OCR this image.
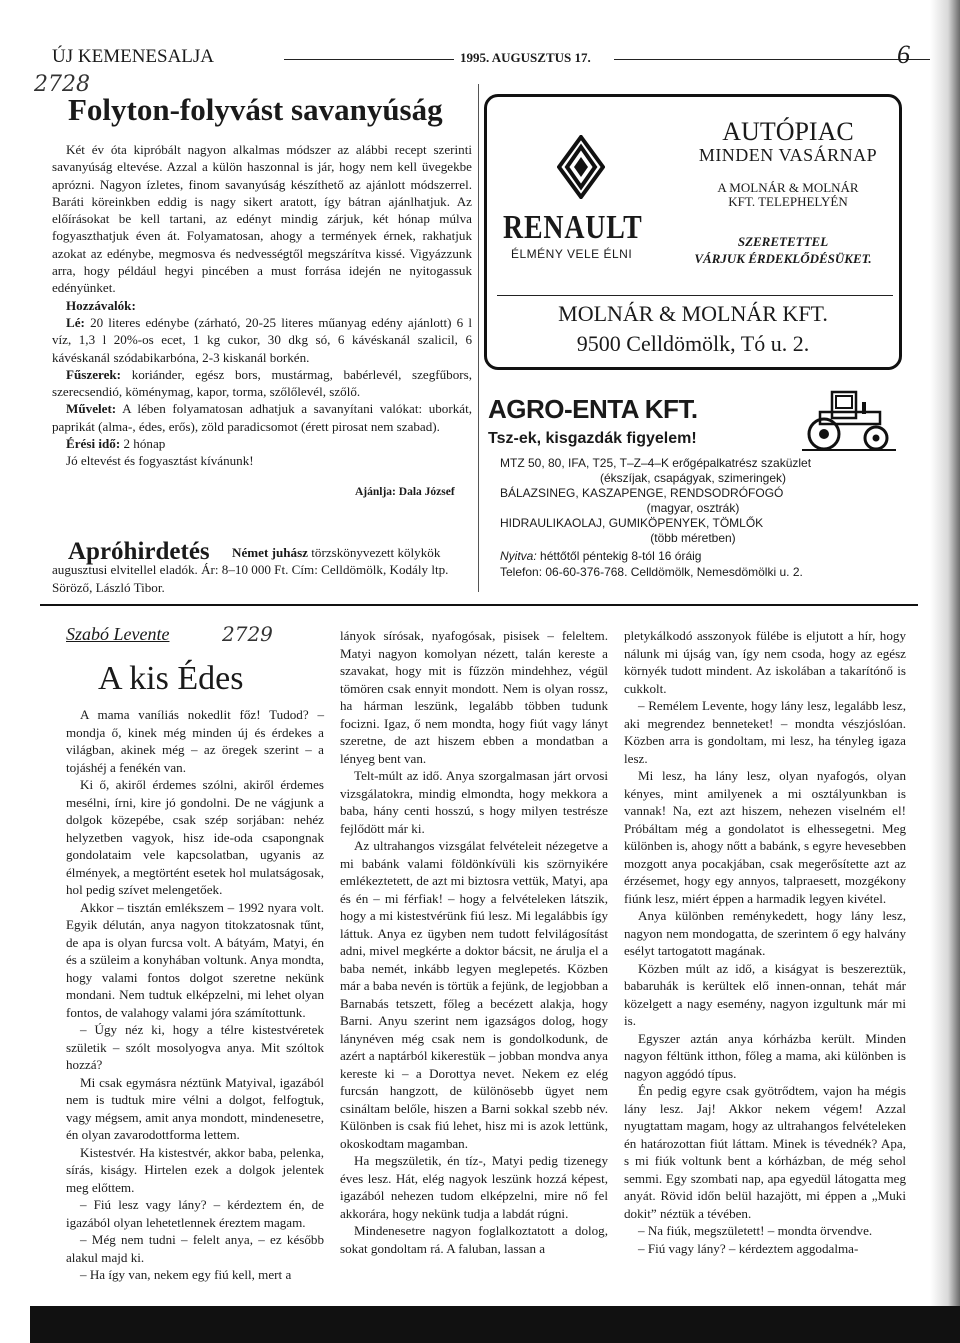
ÚJ KEMENESALJA	1995. AUGUSZTUS 17.	6
2728
Folyton-folyvást savanyúság

Két év óta kipróbált nagyon alkalmas módszer az alábbi recept szerinti savanyúság eltevése. Azzal a külön haszonnal is jár, hogy nem kell üvegekbe aprózni. Nagyon ízletes, finom savanyúság készíthető az ajánlott módszerrel. Baráti köreinkben eddig is nagy sikert aratott, így bátran ajánlhatjuk. Az előírásokat be kell tartani, az edényt mindig zárjuk, két hónap múlva fogyaszthatjuk éven át. Folyamatosan, ahogy a termények érnek, rakhatjuk azokat az edénybe, megmosva és nedvességtől megszárítva kissé. Vigyázzunk arra, hogy például hegyi pincében a must forrása idején ne nyitogassuk edényünket.

Hozzávalók:

Lé: 20 literes edénybe (zárható, 20-25 literes műanyag edény ajánlott) 6 l víz, 1,3 l 20%-os ecet, 1 kg cukor, 30 dkg só, 6 kávéskanál szalicil, 6 kávéskanál szódabikarbóna, 2-3 kiskanál borkén.

Fűszerek: koriánder, egész bors, mustármag, babérlevél, szegfűbors, szerecsendió, köménymag, kapor, torma, szőlőlevél, szőlő.

Művelet: A lében folyamatosan adhatjuk a savanyítani valókat: uborkát, paprikát (alma-, édes, erős), zöld paradicsomot (érett pirosat nem szabad).

Érési idő: 2 hónap

Jó eltevést és fogyasztást kívánunk!

Ajánlja: Dala József
Apróhirdetés	Német juhász törzskönyvezett kölykök augusztusi elvitellel eladók. Ár: 8–10 000 Ft. Cím: Celldömölk, Kodály ltp. Söröző, László Tibor.
RENAULT
ÉLMÉNY VELE ÉLNI
AUTÓPIAC
MINDEN VASÁRNAP
A MOLNÁR & MOLNÁR
KFT. TELEPHELYÉN
SZERETETTEL
VÁRJUK ÉRDEKLŐDÉSÜKET.
MOLNÁR & MOLNÁR KFT.
9500 Celldömölk, Tó u. 2.
AGRO-ENTA KFT.
Tsz-ek, kisgazdák figyelem!
MTZ 50, 80, IFA, T25, T–Z–4–K erőgépalkatrész szaküzlet
(ékszíjak, csapágyak, szimeringek)
BÁLAZSINEG, KASZAPENGE, RENDSODRÓFOGÓ
(magyar, osztrák)
HIDRAULIKAOLAJ, GUMIKÖPENYEK, TÖMLŐK
(több méretben)
Nyitva: héttőtől péntekig 8-tól 16 óráig
Telefon: 06-60-376-768. Celldömölk, Nemesdömölki u. 2.
Szabó Levente	2729
A kis Édes

A mama vaníliás nokedlit főz! Tudod? – mondja ő, kinek még minden új és érdekes a világban, akinek még – az öregek szerint – a tojáshéj a fenékén van.

Ki ő, akiről érdemes szólni, akiről érdemes mesélni, írni, kire jó gondolni. De ne vágjunk a dolgok közepébe, csak szép sorjában: nehéz helyzetben vagyok, hisz ide-oda csapongnak gondolataim vele kapcsolatban, ugyanis az élmények, a megtörtént esetek hol mulatságosak, hol pedig szívet melengetőek.

Akkor – tisztán emlékszem – 1992 nyara volt. Egyik délután, anya nagyon titokzatosnak tűnt, de apa is olyan furcsa volt. A bátyám, Matyi, én és a szüleim a konyhában voltunk. Anya mondta, hogy valami fontos dolgot szeretne nekünk mondani. Nem tudtuk elképzelni, mi lehet olyan fontos, de valahogy valami jóra számítottunk.

– Úgy néz ki, hogy a télre kistestvéretek születik – szólt mosolyogva anya. Mit szóltok hozzá?

Mi csak egymásra néztünk Matyival, igazából nem is tudtuk mire vélni a dolgot, felfogtuk, vagy mégsem, amit anya mondott, mindenesetre, én olyan zavarodottforma lettem.

Kistestvér. Ha kistestvér, akkor baba, pelenka, sírás, kiságy. Hirtelen ezek a dolgok jelentek meg előttem.

– Fiú lesz vagy lány? – kérdeztem én, de igazából olyan lehetetlennek éreztem magam.

– Még nem tudni – felelt anya, – ez később alakul majd ki.

– Ha így van, nekem egy fiú kell, mert a

lányok sírósak, nyafogósak, pisisek – feleltem. Matyi nagyon komolyan nézett, talán kereste a szavakat, hogy mit is fűzzön mindehhez, végül tömören csak ennyit mondott. Nem is olyan rossz, ha hárman leszünk, legalább többen tudunk focizni. Igaz, ő nem mondta, hogy fiút vagy lányt szeretne, de azt hiszem ebben a mondatban a lényeg bent van.

Telt-múlt az idő. Anya szorgalmasan járt orvosi vizsgálatokra, mindig elmondta, hogy mekkora a baba, hány centi hosszú, s hogy milyen testrésze fejlődött már ki.

Az ultrahangos vizsgálat felvételeit nézegetve a mi babánk valami földönkívüli kis szörnyikére emlékeztetett, de azt mi biztosra vettük, Matyi, apa és én – mi férfiak! – hogy a felvételeken látszik, hogy a mi kistestvérünk fiú lesz. Mi legalábbis így láttuk. Anya ez ügyben nem tudott felvilágosítást adni, mivel megkérte a doktor bácsit, ne árulja el a baba nemét, inkább legyen meglepetés. Közben már a baba nevén is törtük a fejünk, de legjobban a Barnabás tetszett, főleg a becézett alakja, hogy Barni. Anyu szerint nem igazságos dolog, hogy lánynéven még csak nem is gondolkodunk, de azért a naptárból kikerestük – jobban mondva anya kereste ki – a Dorottya nevet. Nekem ez elég furcsán hangzott, de különösebb ügyet nem csináltam belőle, hiszen a Barni sokkal szebb név. Különben is csak fiú lehet, hisz mi is azok lettünk, okoskodtam magamban.

Ha megszületik, én tíz-, Matyi pedig tizenegy éves lesz. Hát, elég nagyok leszünk hozzá képest, igazából nehezen tudom elképzelni, mire nő fel akkorára, hogy nekünk tudja a labdát rúgni.

Mindenesetre nagyon foglalkoztatott a dolog, sokat gondoltam rá. A faluban, lassan a

pletykálkodó asszonyok fülébe is eljutott a hír, hogy nálunk mi újság van, így nem csoda, hogy az egész környék tudott mindent. Az iskolában a takarítónő is cukkolt.

– Remélem Levente, hogy lány lesz, legalább lesz, aki megrendez benneteket! – mondta vészjóslóan. Közben arra is gondoltam, mi lesz, ha tényleg igaza lesz.

Mi lesz, ha lány lesz, olyan nyafogós, olyan kényes, mint amilyenek a mi osztályunkban is vannak! Na, ezt azt hiszem, nehezen viselném el! Próbáltam még a gondolatot is elhessegetni. Meg különben is, ahogy nőtt a babánk, s egyre hevesebben mozgott anya pocakjában, csak megerősítette azt az érzésemet, hogy egy annyos, talpraesett, mozgékony fiúnk lesz, miért éppen a harmadik legyen kivétel.

Anya különben reménykedett, hogy lány lesz, nagyon nem mondogatta, de szerintem ő egy halvány esélyt tartogatott magának.

Közben múlt az idő, a kiságyat is beszereztük, babaruhák is kerültek elő innen-onnan, tehát már közelgett a nagy esemény, nagyon izgultunk már mi is.

Egyszer aztán anya kórházba került. Minden nagyon féltünk itthon, főleg a mama, aki különben is nagyon aggódó típus.

Én pedig egyre csak gyötrődtem, vajon ha mégis lány lesz. Jaj! Akkor nekem végem! Azzal nyugtattam magam, hogy az ultrahangos felvételeken én határozottan fiút láttam. Minek is tévednék? Apa, s mi fiúk voltunk bent a kórházban, de még sehol semmi. Egy szombati nap, apa egyedül látogatta meg anyát. Rövid időn belül hazajött, mi éppen a „Muki dokit” néztük a tévében.

– Na fiúk, megszületett! – mondta örvendve.

– Fiú vagy lány? – kérdeztem aggodalma-
